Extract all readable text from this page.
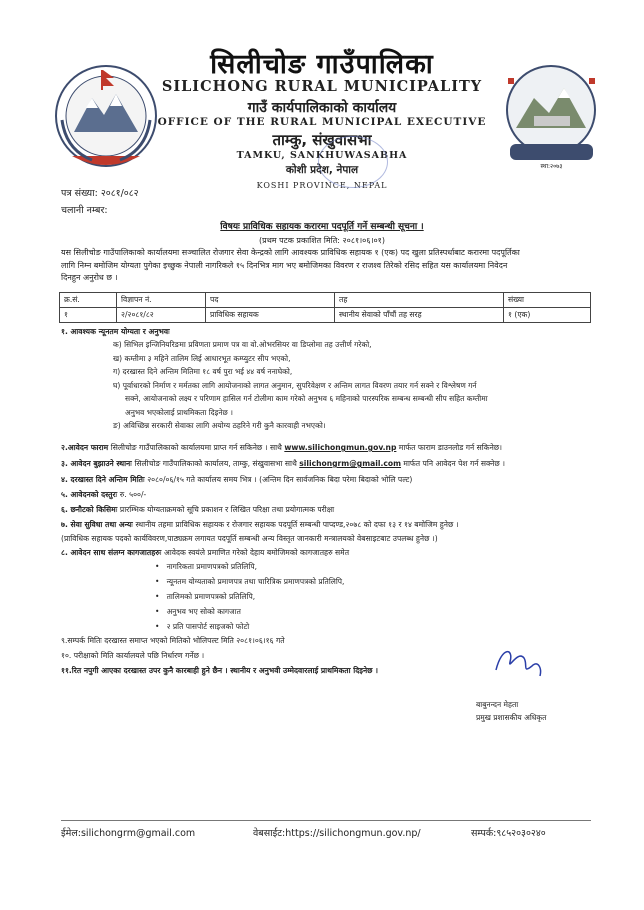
स्था:२०७३
सिलीचोङ गाउँपालिका
SILICHONG RURAL MUNICIPALITY
गाउँ कार्यपालिकाको कार्यालय
OFFICE OF THE RURAL MUNICIPAL EXECUTIVE
ताम्कु, संखुवासभा
TAMKU, SANKHUWASABHA
कोशी प्रदेश, नेपाल
KOSHI PROVINCE, NEPAL
पत्र संख्या: २०८१/०८२
चलानी नम्बर:
विषयः प्राविधिक सहायक करारमा पदपूर्ति गर्ने सम्बन्धी सूचना ।
(प्रथम पटक प्रकाशित मिति: २०८१।०६।०१)
यस सिलीचोङ गाउँपालिकाको कार्यालयमा सञ्चालित रोजगार सेवा केन्द्रको लागि आवश्यक प्राविधिक सहायक १ (एक) पद खुला प्रतिस्पर्धाबाट करारमा पदपूर्तिका
लागि निम्न बमोजिम योग्यता पुगेका इच्छुक नेपाली नागरिकले १५ दिनभित्र माग भए बमोजिमका विवरण र राजश्व तिरेको रसिद सहित यस कार्यालयमा निवेदन
दिनहुन अनुरोध छ ।
क्र.सं.	विज्ञापन नं.	पद	तह	संख्या
१	२/२०८१/८२	प्राविधिक सहायक	स्थानीय सेवाको पाँचौं तह सरह	१ (एक)
१. आवश्यक न्यूनतम योग्यता र अनुभवः
क) सिभिल इन्जिनियरिङमा प्रविणता प्रमाण पत्र वा वो.ओभरसियर वा डिप्लोमा तह उत्तीर्ण गरेको,
ख) कम्तीमा ३ महिने तालिम लिई आधारभूत कम्प्युटर सीप भएको,
ग) दरखास्त दिने अन्तिम मितिमा १८ वर्ष पुरा भई ४४ वर्ष ननाघेको,
घ) पूर्वाधारको निर्माण र मर्मतका लागि आयोजनाको लागत अनुमान, सुपरिवेक्षण र अन्तिम लागत विवरण तयार गर्न सक्ने र विश्लेषण गर्न
सक्ने, आयोजनाको लक्ष्य र परिणाम हासिल गर्न टोलीमा काम गरेको अनुभव ६ महिनाको पारस्परिक सम्बन्ध सम्बन्धी सीप सहित कम्तीमा
अनुभव भएकोलाई प्राथमिकता दिइनेछ ।
ङ) अविच्छिन्न सरकारी सेवाका लागि अयोग्य ठहरिने गरी कुनै कारवाही नभएको।
२.आवेदन फाराम सिलीचोङ गाउँपालिकाको कार्यालयमा प्राप्त गर्न सकिनेछ । साथै www.silichongmun.gov.np मार्फत फाराम डाउनलोड गर्न सकिनेछ।
३. आवेदन बुझाउने स्थानः सिलीचोङ गाउँपालिकाको कार्यालय, ताम्कु, संखुवासभा साथै silichongrm@gmail.com मार्फत पनि आवेदन पेश गर्न सक्नेछ ।
४. दरखास्त दिने अन्तिम मितिः २०८०/०६/१५ गते कार्यालय समय भित्र । (अन्तिम दिन सार्वजनिक बिदा परेमा बिदाको भोलि पल्ट)
५. आवेदनको दस्तुरः रु. ५००/-
६. छनौटको किसिमः प्रारम्भिक योग्यताक्रमको सूचि प्रकाशन र लिखित परिक्षा तथा प्रयोगात्मक परीक्षा
७. सेवा सुविधा तथा अन्यः स्थानीय तहमा प्राविधिक सहायक र रोजगार सहायक पदपूर्ति सम्बन्धी पाप्दण्ड,२०७८ को दफा १३ र १४ बमोजिम हुनेछ ।
(प्राविधिक सहायक पदको कार्यविवरण,पाठ्यक्रम लगायत पदपूर्ति सम्बन्धी अन्य विस्तृत जानकारी मन्त्रालयको वेबसाइटबाट उपलब्ध हुनेछ ।)
८. आवेदन साथ संलग्न कागजातहरुः आवेदक स्वयंले प्रमाणित गरेको देहाय बमोजिमको कागजातहरु समेत
•   नागरिकता प्रमाणपत्रको प्रतिलिपि,
•   न्यूनतम योग्यताको प्रमाणपत्र तथा चारित्रिक प्रमाणपत्रको प्रतिलिपि,
•   तालिमको प्रमाणपत्रको प्रतिलिपि,
•   अनुभव भए सोको कागजात
•   २ प्रति पासपोर्ट साइजको फोटो
९.सम्पर्क मितिः दरखास्त समाप्त भएको मितिको भोलिपल्ट मिति २०८१।०६।१६ गते
१०. परीक्षाको मिति कार्यालयले पछि निर्धारण गर्नेछ ।
११.रित नपुगी आएका दरखास्त उपर कुनै कारबाही हुने छैन । स्थानीय र अनुभवी उम्मेदवारलाई प्राथमिकता दिइनेछ ।
बाबुनन्दन मेहता
प्रमुख प्रशासकीय अधिकृत
ईमेल:silichongrm@gmail.com	वेबसाईट:https://silichongmun.gov.np/	सम्पर्क:९८५२०३०२४०
